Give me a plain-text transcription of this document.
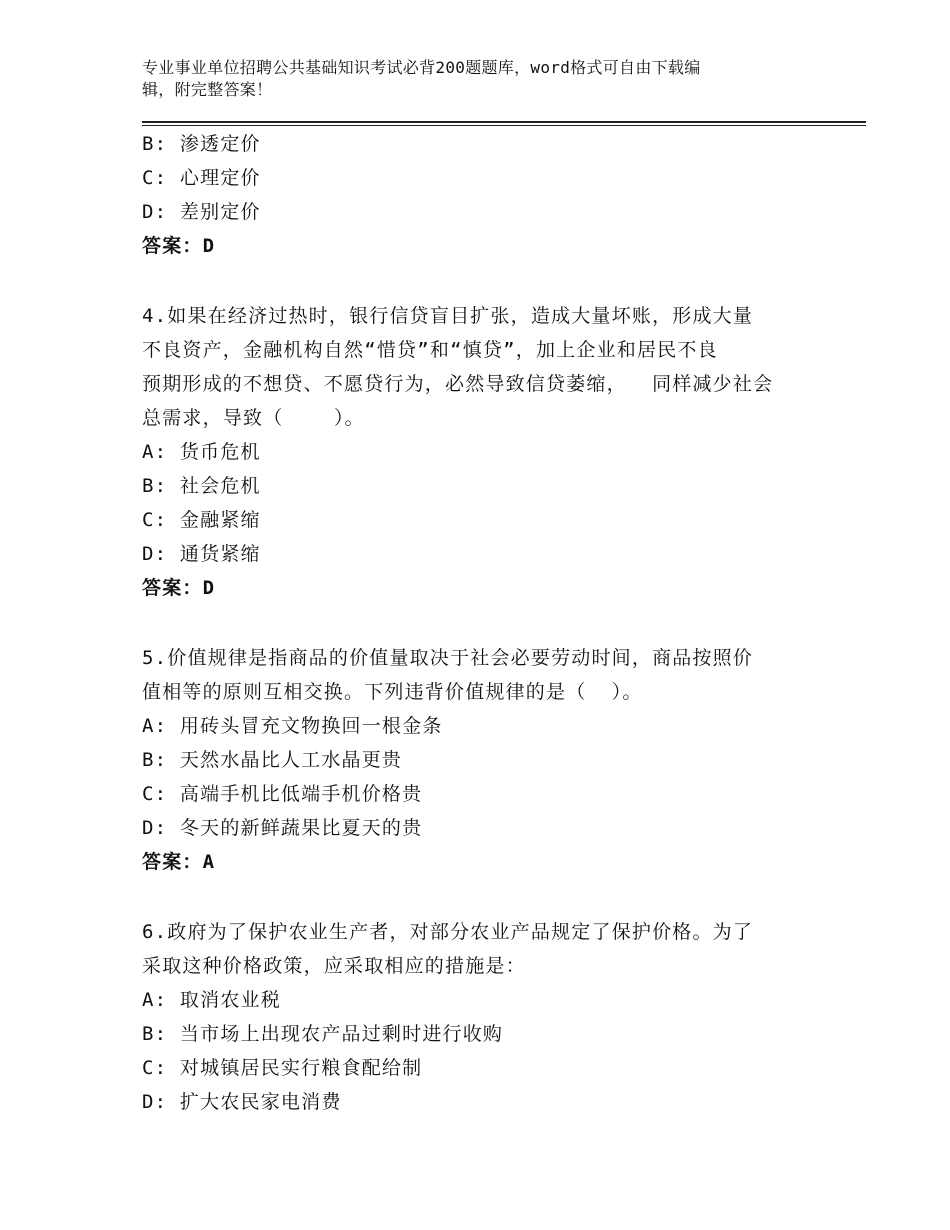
专业事业单位招聘公共基础知识考试必背200题题库，word格式可自由下载编
辑，附完整答案！
B: 渗透定价
C: 心理定价
D: 差别定价
答案：D
4.如果在经济过热时，银行信贷盲目扩张，造成大量坏账，形成大量
不良资产，金融机构自然“惜贷”和“慎贷”，加上企业和居民不良
预期形成的不想贷、不愿贷行为，必然导致信贷萎缩，  同样减少社会
总需求，导致（    ）。
A: 货币危机
B: 社会危机
C: 金融紧缩
D: 通货紧缩
答案：D
5.价值规律是指商品的价值量取决于社会必要劳动时间，商品按照价
值相等的原则互相交换。下列违背价值规律的是（  ）。
A: 用砖头冒充文物换回一根金条
B: 天然水晶比人工水晶更贵
C: 高端手机比低端手机价格贵
D: 冬天的新鲜蔬果比夏天的贵
答案：A
6.政府为了保护农业生产者，对部分农业产品规定了保护价格。为了
采取这种价格政策，应采取相应的措施是：
A: 取消农业税
B: 当市场上出现农产品过剩时进行收购
C: 对城镇居民实行粮食配给制
D: 扩大农民家电消费
